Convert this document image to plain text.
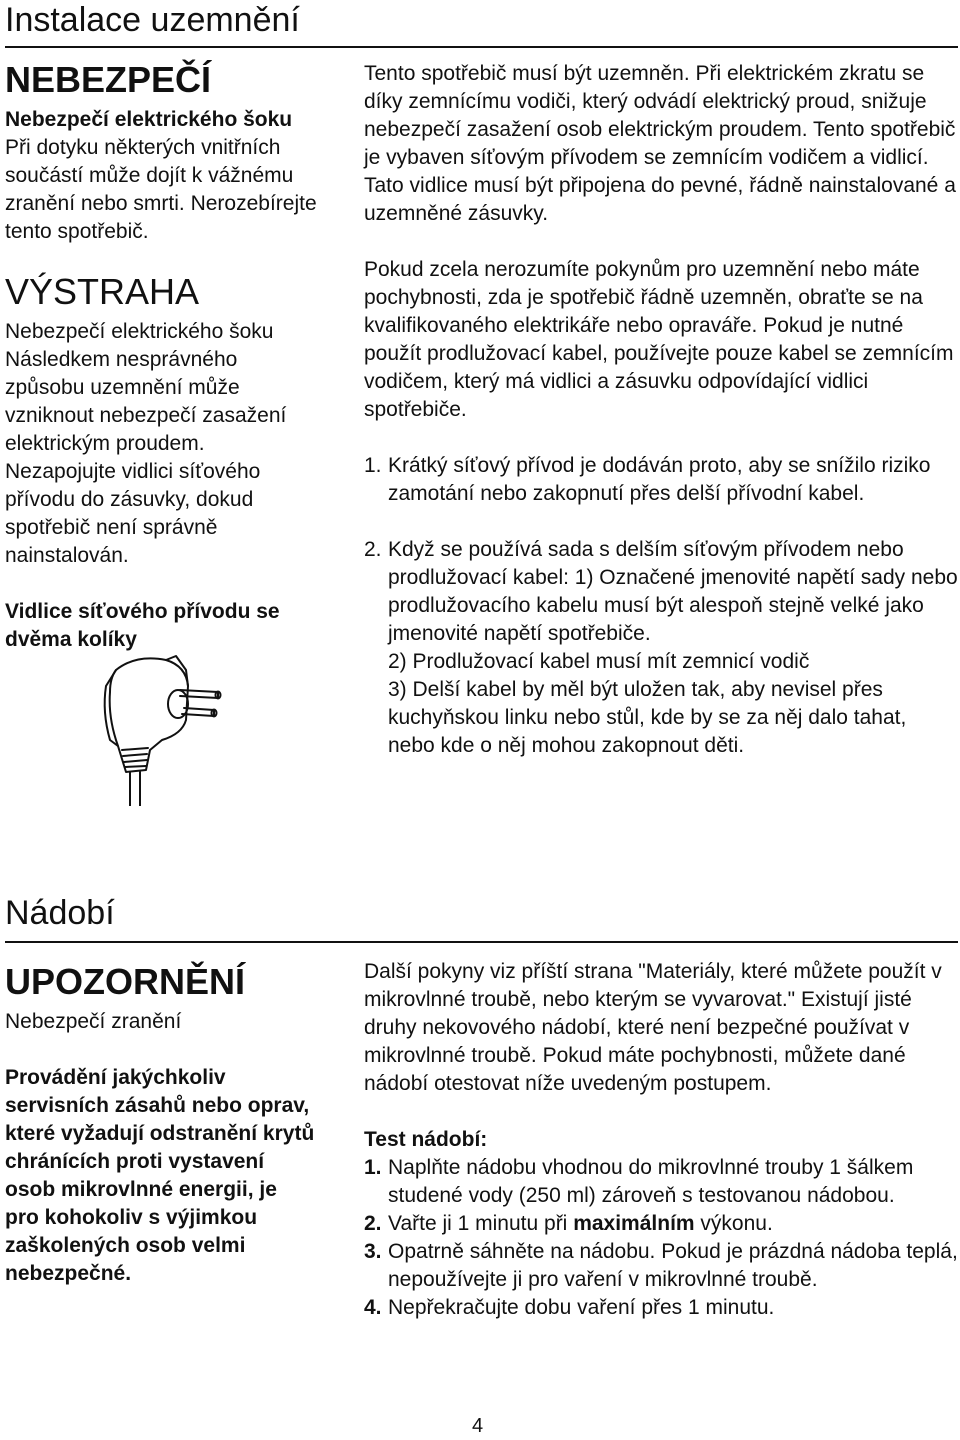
Instalace uzemnění
NEBEZPEČÍ

Nebezpečí elektrického šoku

Při dotyku některých vnitřních součástí může dojít k vážnému zranění nebo smrti. Nerozebírejte tento spotřebič.

VÝSTRAHA

Nebezpečí elektrického šoku

Následkem nesprávného způsobu uzemnění může vzniknout nebezpečí zasažení elektrickým proudem. Nezapojujte vidlici síťového přívodu do zásuvky, dokud spotřebič není správně nainstalován.

Vidlice síťového přívodu se dvěma kolíky

Tento spotřebič musí být uzemněn. Při elektrickém zkratu se díky zemnícímu vodiči, který odvádí elektrický proud, snižuje nebezpečí zasažení osob elektrickým proudem. Tento spotřebič je vybaven síťovým přívodem se zemnícím vodičem a vidlicí. Tato vidlice musí být připojena do pevné, řádně nainstalované a uzemněné zásuvky.

Pokud zcela nerozumíte pokynům pro uzemnění nebo máte pochybnosti, zda je spotřebič řádně uzemněn, obraťte se na kvalifikovaného elektrikáře nebo opraváře. Pokud je nutné použít prodlužovací kabel, používejte pouze kabel se zemnícím vodičem, který má vidlici a zásuvku odpovídající vidlici spotřebiče.

1. Krátký síťový přívod je dodáván proto, aby se snížilo riziko zamotání nebo zakopnutí přes delší přívodní kabel.
2. Když se používá sada s delším síťovým přívodem nebo prodlužovací kabel: 1) Označené jmenovité napětí sady nebo prodlužovacího kabelu musí být alespoň stejně velké jako jmenovité napětí spotřebiče.
2) Prodlužovací kabel musí mít zemnicí vodič
3) Delší kabel by měl být uložen tak, aby nevisel přes kuchyňskou linku nebo stůl, kde by se za něj dalo tahat, nebo kde o něj mohou zakopnout děti.
Nádobí
UPOZORNĚNÍ

Nebezpečí zranění

Provádění jakýchkoliv servisních zásahů nebo oprav, které vyžadují odstranění krytů chránících proti vystavení osob mikrovlnné energii, je pro kohokoliv s výjimkou zaškolených osob velmi nebezpečné.

Další pokyny viz příští strana "Materiály, které můžete použít v mikrovlnné troubě, nebo kterým se vyvarovat." Existují jisté druhy nekovového nádobí, které není bezpečné používat v mikrovlnné troubě. Pokud máte pochybnosti, můžete dané nádobí otestovat níže uvedeným postupem.

Test nádobí:

1. Naplňte nádobu vhodnou do mikrovlnné trouby 1 šálkem studené vody (250 ml) zároveň s testovanou nádobou.
2. Vařte ji 1 minutu při maximálním výkonu.
3. Opatrně sáhněte na nádobu. Pokud je prázdná nádoba teplá, nepoužívejte ji pro vaření v mikrovlnné troubě.
4. Nepřekračujte dobu vaření přes 1 minutu.
4
